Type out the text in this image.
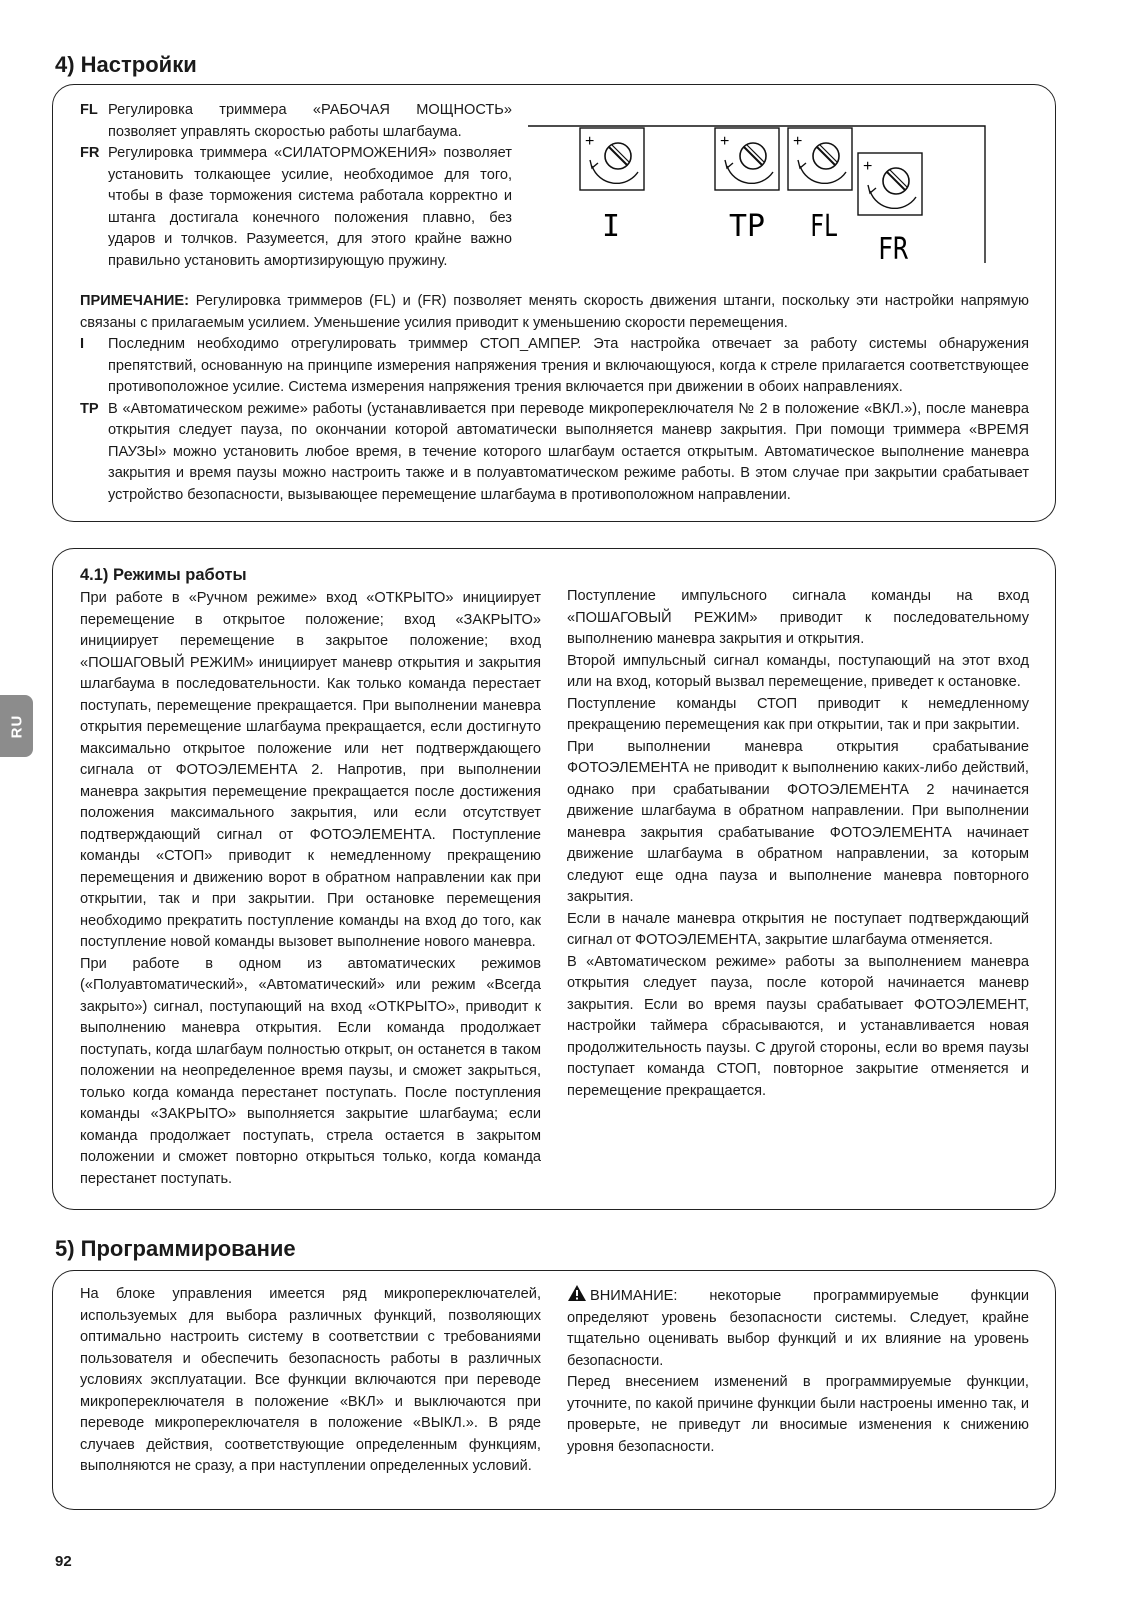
4) Настройки
FL Регулировка триммера «РАБОЧАЯ МОЩНОСТЬ» позволяет управлять скоростью работы шлагбаума.

FR Регулировка триммера «СИЛАТОРМОЖЕНИЯ» позволяет установить толкающее усилие, необходимое для того, чтобы в фазе торможения система работала корректно и штанга достигала конечного положения плавно, без ударов и толчков. Разумеется, для этого крайне важно правильно установить амортизирующую пружину.

+
I
+
TP
+
FL
+
FR

ПРИМЕЧАНИЕ: Регулировка триммеров (FL) и (FR) позволяет менять скорость движения штанги, поскольку эти настройки напрямую связаны с прилагаемым усилием. Уменьшение усилия приводит к уменьшению скорости перемещения.

I	Последним необходимо отрегулировать триммер СТОП_АМПЕР. Эта настройка отвечает за работу системы обнаружения препятствий, основанную на принципе измерения напряжения трения и включающуюся, когда к стреле прилагается соответствующее противоположное усилие. Система измерения напряжения трения включается при движении в обоих направлениях.

TP В «Автоматическом режиме» работы (устанавливается при переводе микропереключателя № 2 в положение «ВКЛ.»), после маневра открытия следует пауза, по окончании которой автоматически выполняется маневр закрытия. При помощи триммера «ВРЕМЯ ПАУЗЫ» можно установить любое время, в течение которого шлагбаум остается открытым. Автоматическое выполнение маневра закрытия и время паузы можно настроить также и в полуавтоматическом режиме работы. В этом случае при закрытии срабатывает устройство безопасности, вызывающее перемещение шлагбаума в противоположном направлении.

4.1) Режимы работы

При работе в «Ручном режиме» вход «ОТКРЫТО» инициирует перемещение в открытое положение; вход «ЗАКРЫТО» инициирует перемещение в закрытое положение; вход «ПОШАГОВЫЙ РЕЖИМ» инициирует маневр открытия и закрытия шлагбаума в последовательности. Как только команда перестает поступать, перемещение прекращается. При выполнении маневра открытия перемещение шлагбаума прекращается, если достигнуто максимально открытое положение или нет подтверждающего сигнала от ФОТОЭЛЕМЕНТА 2. Напротив, при выполнении маневра закрытия перемещение прекращается после достижения положения максимального закрытия, или если отсутствует подтверждающий сигнал от ФОТОЭЛЕМЕНТА. Поступление команды «СТОП» приводит к немедленному прекращению перемещения и движению ворот в обратном направлении как при открытии, так и при закрытии. При остановке перемещения необходимо прекратить поступление команды на вход до того, как поступление новой команды вызовет выполнение нового маневра.

При работе в одном из автоматических режимов («Полуавтоматический», «Автоматический» или режим «Всегда закрыто») сигнал, поступающий на вход «ОТКРЫТО», приводит к выполнению маневра открытия. Если команда продолжает поступать, когда шлагбаум полностью открыт, он останется в таком положении на неопределенное время паузы, и сможет закрыться, только когда команда перестанет поступать. После поступления команды «ЗАКРЫТО» выполняется закрытие шлагбаума; если команда продолжает поступать, стрела остается в закрытом положении и сможет повторно открыться только, когда команда перестанет поступать.

Поступление импульсного сигнала команды на вход «ПОШАГОВЫЙ РЕЖИМ» приводит к последовательному выполнению маневра закрытия и открытия.

Второй импульсный сигнал команды, поступающий на этот вход или на вход, который вызвал перемещение, приведет к остановке.

Поступление команды СТОП приводит к немедленному прекращению перемещения как при открытии, так и при закрытии.

При выполнении маневра открытия срабатывание ФОТОЭЛЕМЕНТА не приводит к выполнению каких-либо действий, однако при срабатывании ФОТОЭЛЕМЕНТА 2 начинается движение шлагбаума в обратном направлении. При выполнении маневра закрытия срабатывание ФОТОЭЛЕМЕНТА начинает движение шлагбаума в обратном направлении, за которым следуют еще одна пауза и выполнение маневра повторного закрытия.

Если в начале маневра открытия не поступает подтверждающий сигнал от ФОТОЭЛЕМЕНТА, закрытие шлагбаума отменяется.

В «Автоматическом режиме» работы за выполнением маневра открытия следует пауза, после которой начинается маневр закрытия. Если во время паузы срабатывает ФОТОЭЛЕМЕНТ, настройки таймера сбрасываются, и устанавливается новая продолжительность паузы. С другой стороны, если во время паузы поступает команда СТОП, повторное закрытие отменяется и перемещение прекращается.

RU
5) Программирование

На блоке управления имеется ряд микропереключателей, используемых для выбора различных функций, позволяющих оптимально настроить систему в соответствии с требованиями пользователя и обеспечить безопасность работы в различных условиях эксплуатации. Все функции включаются при переводе микропереключателя в положение «ВКЛ» и выключаются при переводе микропереключателя в положение «ВЫКЛ.». В ряде случаев действия, соответствующие определенным функциям, выполняются не сразу, а при наступлении определенных условий.

ВНИМАНИЕ: некоторые программируемые функции определяют уровень безопасности системы. Следует, крайне тщательно оценивать выбор функций и их влияние на уровень безопасности.

Перед внесением изменений в программируемые функции, уточните, по какой причине функции были настроены именно так, и проверьте, не приведут ли вносимые изменения к снижению уровня безопасности.

92
